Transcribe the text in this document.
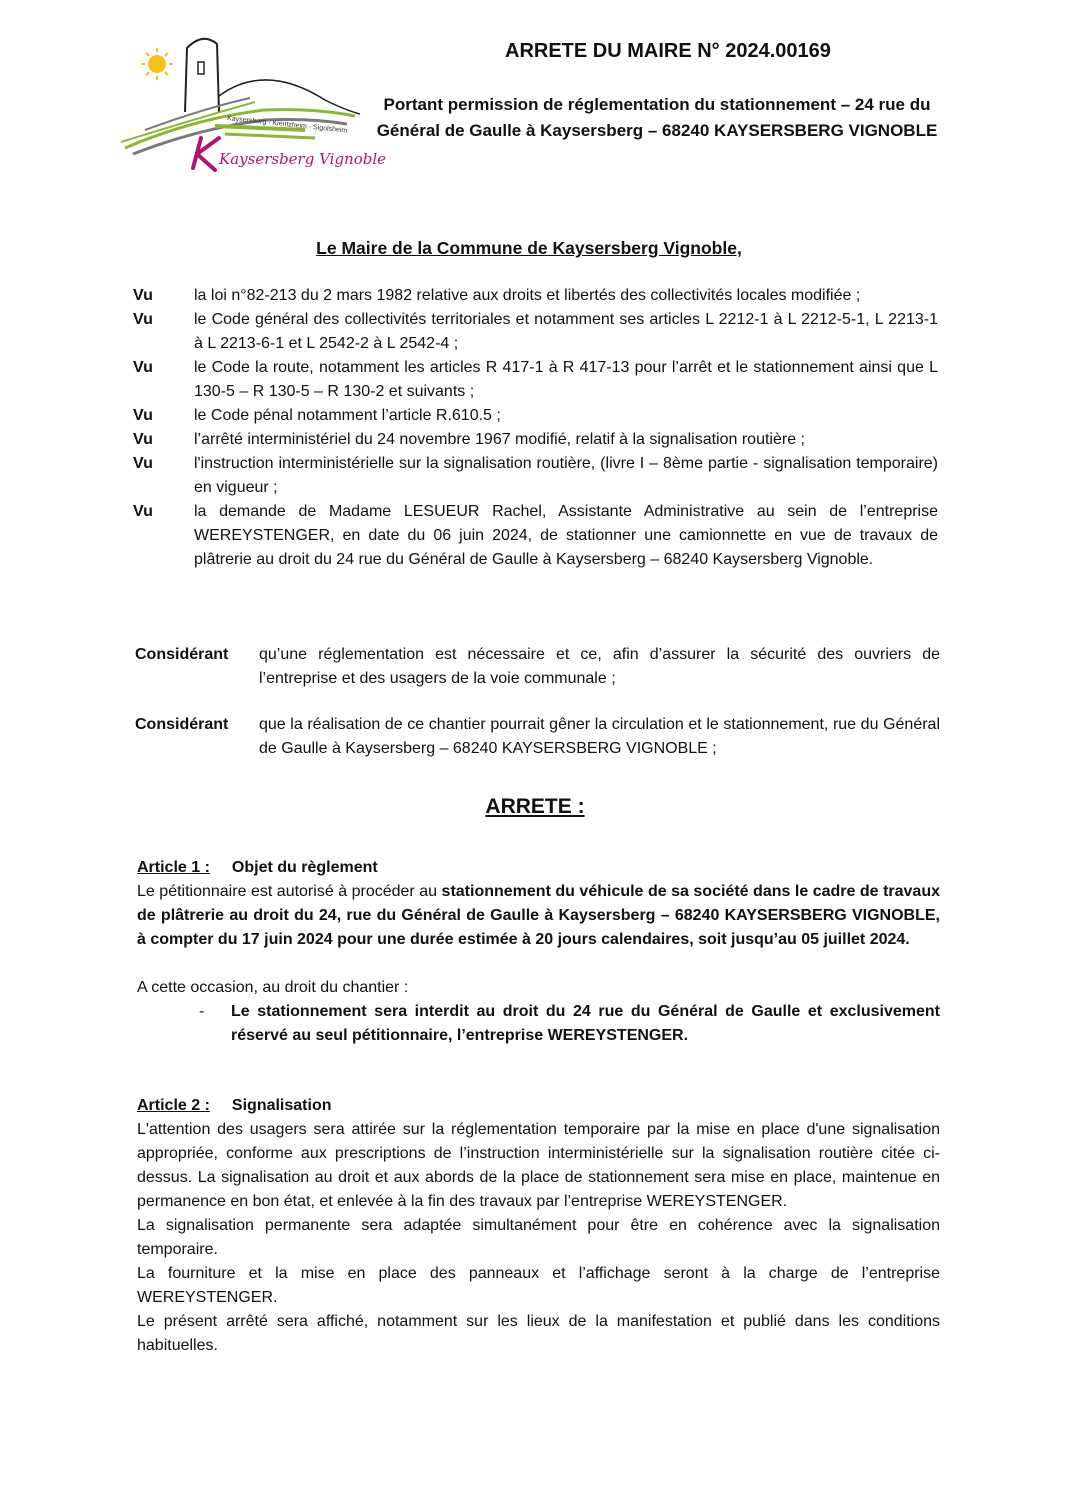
Kaysersberg · Kientzheim · Sigolsheim
Kaysersberg Vignoble
ARRETE DU MAIRE N° 2024.00169
Portant permission de réglementation du stationnement – 24 rue du Général de Gaulle à Kaysersberg – 68240 KAYSERSBERG VIGNOBLE
Le Maire de la Commune de Kaysersberg Vignoble,
Vu	la loi n°82-213 du 2 mars 1982 relative aux droits et libertés des collectivités locales modifiée ;
Vu	le Code général des collectivités territoriales et notamment ses articles L 2212-1 à L 2212-5-1, L 2213-1 à L 2213-6-1 et L 2542-2 à L 2542-4 ;
Vu	le Code la route, notamment les articles R 417-1 à R 417-13 pour l’arrêt et le stationnement ainsi que L 130-5 – R 130-5 – R 130-2 et suivants ;
Vu	le Code pénal notamment l’article R.610.5 ;
Vu	l’arrêté interministériel du 24 novembre 1967 modifié, relatif à la signalisation routière ;
Vu	l'instruction interministérielle sur la signalisation routière, (livre I – 8ème partie - signalisation temporaire) en vigueur ;
Vu	la demande de Madame LESUEUR Rachel, Assistante Administrative au sein de l’entreprise WEREYSTENGER, en date du 06 juin 2024, de stationner une camionnette en vue de travaux de plâtrerie au droit du 24 rue du Général de Gaulle à Kaysersberg – 68240 Kaysersberg Vignoble.
Considérant	qu’une réglementation est nécessaire et ce, afin d’assurer la sécurité des ouvriers de l’entreprise et des usagers de la voie communale ;
Considérant	que la réalisation de ce chantier pourrait gêner la circulation et le stationnement, rue du Général de Gaulle à Kaysersberg – 68240 KAYSERSBERG VIGNOBLE ;
ARRETE :
Article 1 : Objet du règlement

Le pétitionnaire est autorisé à procéder au stationnement du véhicule de sa société dans le cadre de travaux de plâtrerie au droit du 24, rue du Général de Gaulle à Kaysersberg – 68240 KAYSERSBERG VIGNOBLE, à compter du 17 juin 2024 pour une durée estimée à 20 jours calendaires, soit jusqu’au 05 juillet 2024.

A cette occasion, au droit du chantier :

-	Le stationnement sera interdit au droit du 24 rue du Général de Gaulle et exclusivement réservé au seul pétitionnaire, l’entreprise WEREYSTENGER.
Article 2 : Signalisation

L'attention des usagers sera attirée sur la réglementation temporaire par la mise en place d'une signalisation appropriée, conforme aux prescriptions de l’instruction interministérielle sur la signalisation routière citée ci-dessus. La signalisation au droit et aux abords de la place de stationnement sera mise en place, maintenue en permanence en bon état, et enlevée à la fin des travaux par l’entreprise WEREYSTENGER.

La signalisation permanente sera adaptée simultanément pour être en cohérence avec la signalisation temporaire.

La fourniture et la mise en place des panneaux et l’affichage seront à la charge de l’entreprise WEREYSTENGER.

Le présent arrêté sera affiché, notamment sur les lieux de la manifestation et publié dans les conditions habituelles.
